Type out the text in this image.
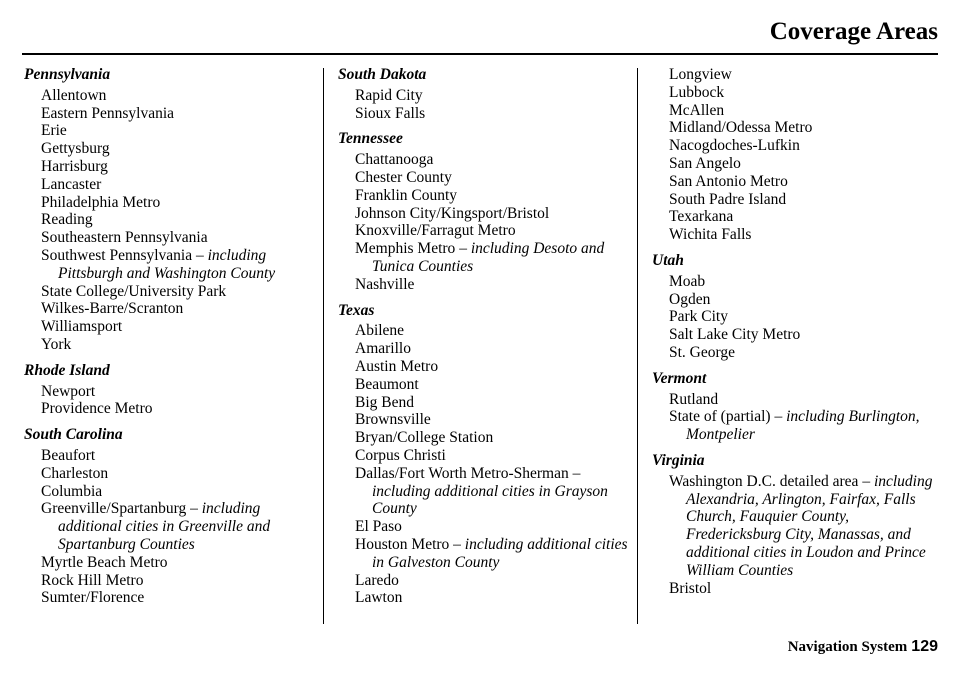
Coverage Areas
Pennsylvania
Allentown
Eastern Pennsylvania
Erie
Gettysburg
Harrisburg
Lancaster
Philadelphia Metro
Reading
Southeastern Pennsylvania
Southwest Pennsylvania – including Pittsburgh and Washington County
State College/University Park
Wilkes-Barre/Scranton
Williamsport
York
Rhode Island
Newport
Providence Metro
South Carolina
Beaufort
Charleston
Columbia
Greenville/Spartanburg – including additional cities in Greenville and Spartanburg Counties
Myrtle Beach Metro
Rock Hill Metro
Sumter/Florence
South Dakota
Rapid City
Sioux Falls
Tennessee
Chattanooga
Chester County
Franklin County
Johnson City/Kingsport/Bristol
Knoxville/Farragut Metro
Memphis Metro – including Desoto and Tunica Counties
Nashville
Texas
Abilene
Amarillo
Austin Metro
Beaumont
Big Bend
Brownsville
Bryan/College Station
Corpus Christi
Dallas/Fort Worth Metro-Sherman – including additional cities in Grayson County
El Paso
Houston Metro – including additional cities in Galveston County
Laredo
Lawton
Longview
Lubbock
McAllen
Midland/Odessa Metro
Nacogdoches-Lufkin
San Angelo
San Antonio Metro
South Padre Island
Texarkana
Wichita Falls
Utah
Moab
Ogden
Park City
Salt Lake City Metro
St. George
Vermont
Rutland
State of (partial) – including Burlington, Montpelier
Virginia
Washington D.C. detailed area – including Alexandria, Arlington, Fairfax, Falls Church, Fauquier County, Fredericksburg City, Manassas, and additional cities in Loudon and Prince William Counties
Bristol
Navigation System 129
